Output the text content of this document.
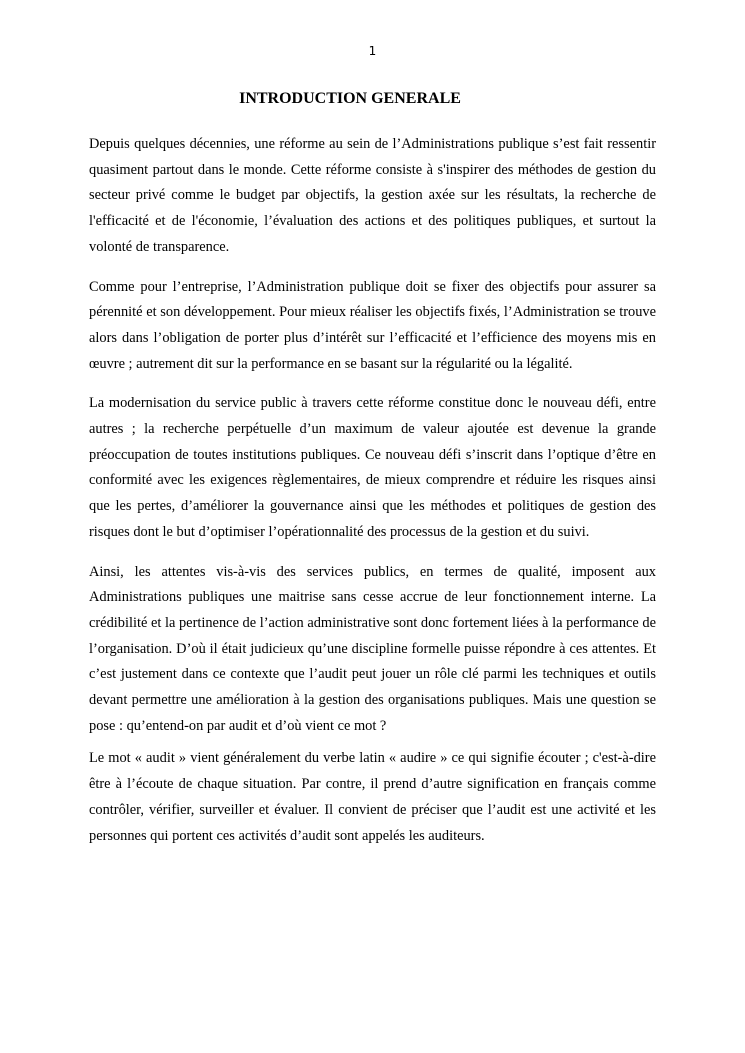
1
INTRODUCTION GENERALE

Depuis quelques décennies, une réforme au sein de l’Administrations publique s’est fait ressentir quasiment partout dans le monde. Cette réforme consiste à s'inspirer des méthodes de gestion du secteur privé comme le budget par objectifs, la gestion axée sur les résultats, la recherche de l'efficacité et de l'économie, l’évaluation des actions et des politiques publiques, et surtout la volonté de transparence.

Comme pour l’entreprise, l’Administration publique doit se fixer des objectifs pour assurer sa pérennité et son développement. Pour mieux réaliser les objectifs fixés, l’Administration se trouve alors dans l’obligation de porter plus d’intérêt sur l’efficacité et l’efficience des moyens mis en œuvre ; autrement dit sur la performance en se basant sur la régularité ou la légalité.

La modernisation du service public à travers cette réforme constitue donc le nouveau défi, entre autres ; la recherche perpétuelle d’un maximum de valeur ajoutée est devenue la grande préoccupation de toutes institutions publiques. Ce nouveau défi s’inscrit dans l’optique d’être en conformité avec les exigences règlementaires, de mieux comprendre et réduire les risques ainsi que les pertes, d’améliorer la gouvernance ainsi que les méthodes et politiques de gestion des risques dont le but d’optimiser l’opérationnalité des processus de la gestion et du suivi.

Ainsi, les attentes vis-à-vis des services publics, en termes de qualité, imposent aux Administrations publiques une maitrise sans cesse accrue de leur fonctionnement interne. La crédibilité et la pertinence de l’action administrative sont donc fortement liées à la performance de l’organisation. D’où il était judicieux qu’une discipline formelle puisse répondre à ces attentes. Et c’est justement dans ce contexte que l’audit peut jouer un rôle clé parmi les techniques et outils devant permettre une amélioration à la gestion des organisations publiques. Mais une question se pose : qu’entend-on par audit et d’où vient ce mot ?

Le mot « audit » vient généralement du verbe latin « audire » ce qui signifie écouter ; c'est-à-dire être à l’écoute de chaque situation. Par contre, il prend d’autre signification en français comme contrôler, vérifier, surveiller et évaluer. Il convient de préciser que l’audit est une activité et les personnes qui portent ces activités d’audit sont appelés les auditeurs.
